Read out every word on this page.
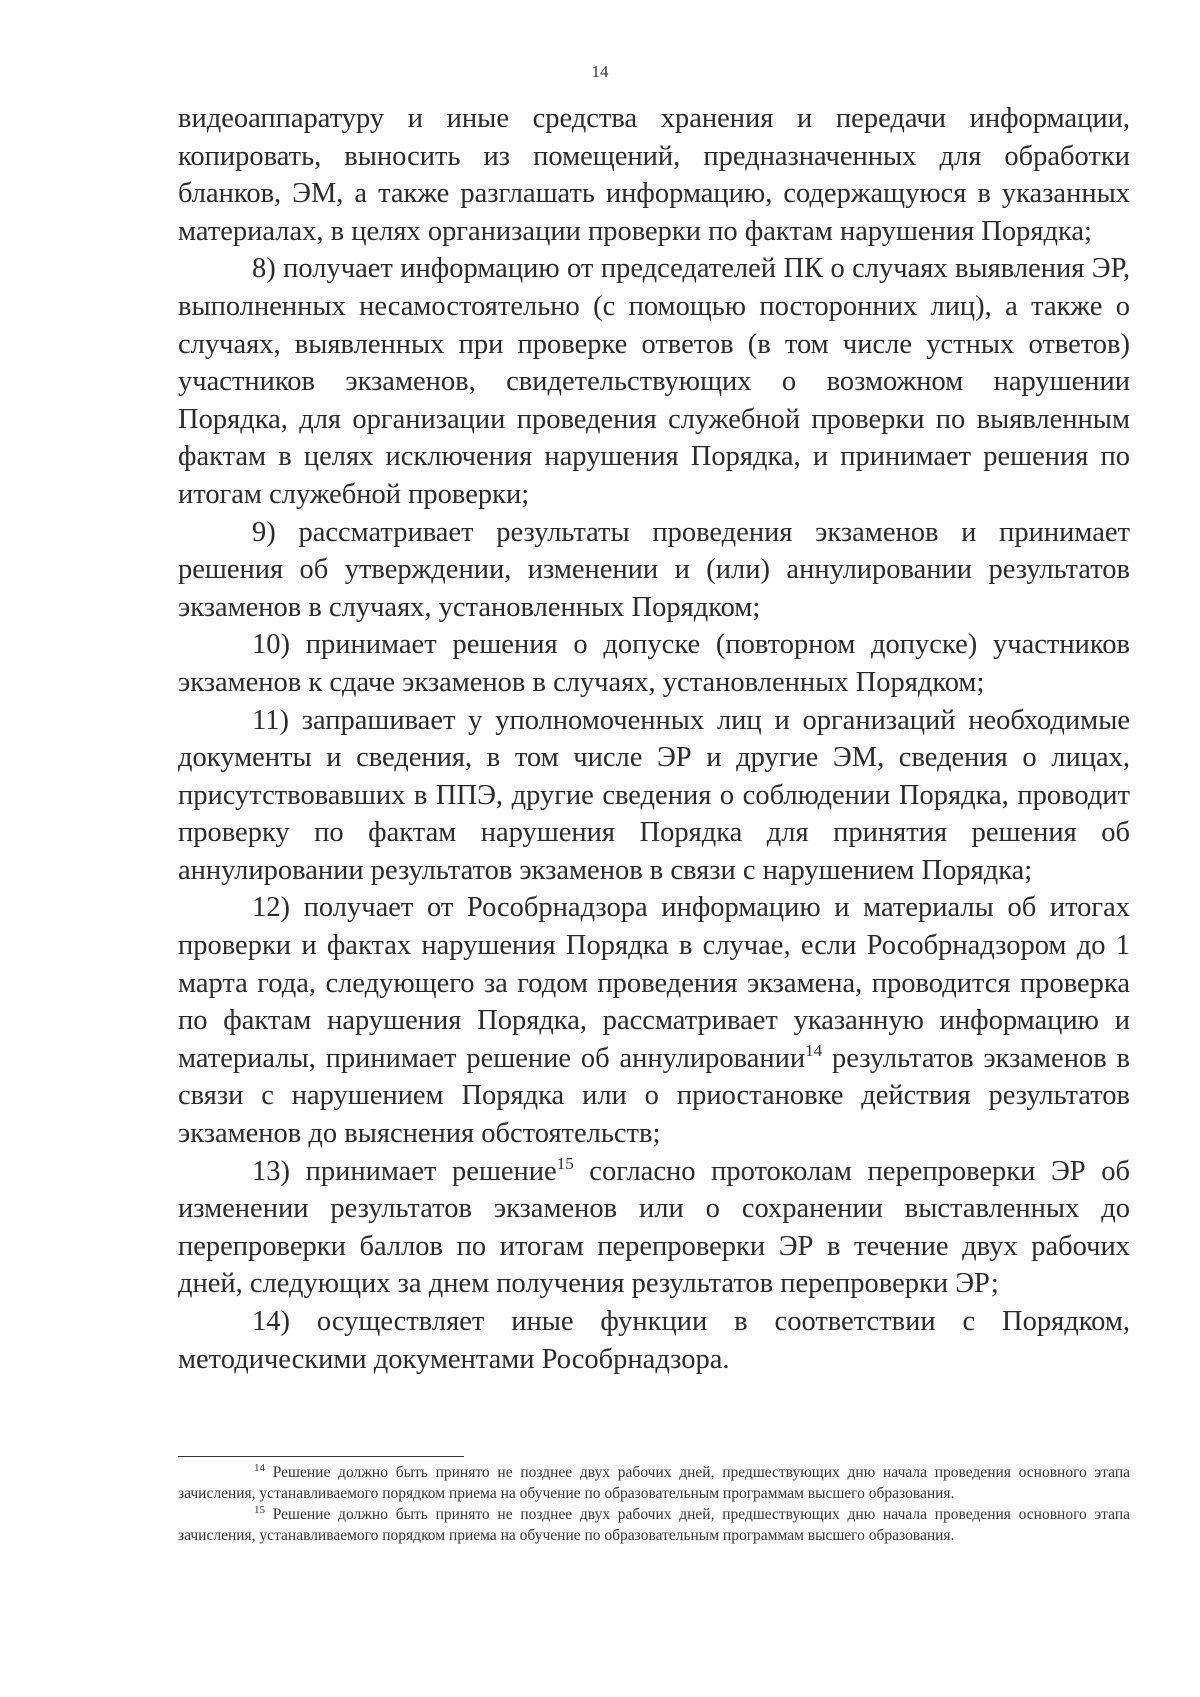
14

видеоаппаратуру и иные средства хранения и передачи информации, копировать, выносить из помещений, предназначенных для обработки бланков, ЭМ, а также разглашать информацию, содержащуюся в указанных материалах, в целях организации проверки по фактам нарушения Порядка;

8) получает информацию от председателей ПК о случаях выявления ЭР, выполненных несамостоятельно (с помощью посторонних лиц), а также о случаях, выявленных при проверке ответов (в том числе устных ответов) участников экзаменов, свидетельствующих о возможном нарушении Порядка, для организации проведения служебной проверки по выявленным фактам в целях исключения нарушения Порядка, и принимает решения по итогам служебной проверки;

9) рассматривает результаты проведения экзаменов и принимает решения об утверждении, изменении и (или) аннулировании результатов экзаменов в случаях, установленных Порядком;

10) принимает решения о допуске (повторном допуске) участников экзаменов к сдаче экзаменов в случаях, установленных Порядком;

11) запрашивает у уполномоченных лиц и организаций необходимые документы и сведения, в том числе ЭР и другие ЭМ, сведения о лицах, присутствовавших в ППЭ, другие сведения о соблюдении Порядка, проводит проверку по фактам нарушения Порядка для принятия решения об аннулировании результатов экзаменов в связи с нарушением Порядка;

12) получает от Рособрнадзора информацию и материалы об итогах проверки и фактах нарушения Порядка в случае, если Рособрнадзором до 1 марта года, следующего за годом проведения экзамена, проводится проверка по фактам нарушения Порядка, рассматривает указанную информацию и материалы, принимает решение об аннулировании$^{14}$ результатов экзаменов в связи с нарушением Порядка или о приостановке действия результатов экзаменов до выяснения обстоятельств;

13) принимает решение$^{15}$ согласно протоколам перепроверки ЭР об изменении результатов экзаменов или о сохранении выставленных до перепроверки баллов по итогам перепроверки ЭР в течение двух рабочих дней, следующих за днем получения результатов перепроверки ЭР;

14) осуществляет иные функции в соответствии с Порядком, методическими документами Рособрнадзора.

$^{14}$ Решение должно быть принято не позднее двух рабочих дней, предшествующих дню начала проведения основного этапа зачисления, устанавливаемого порядком приема на обучение по образовательным программам высшего образования.

$^{15}$ Решение должно быть принято не позднее двух рабочих дней, предшествующих дню начала проведения основного этапа зачисления, устанавливаемого порядком приема на обучение по образовательным программам высшего образования.
